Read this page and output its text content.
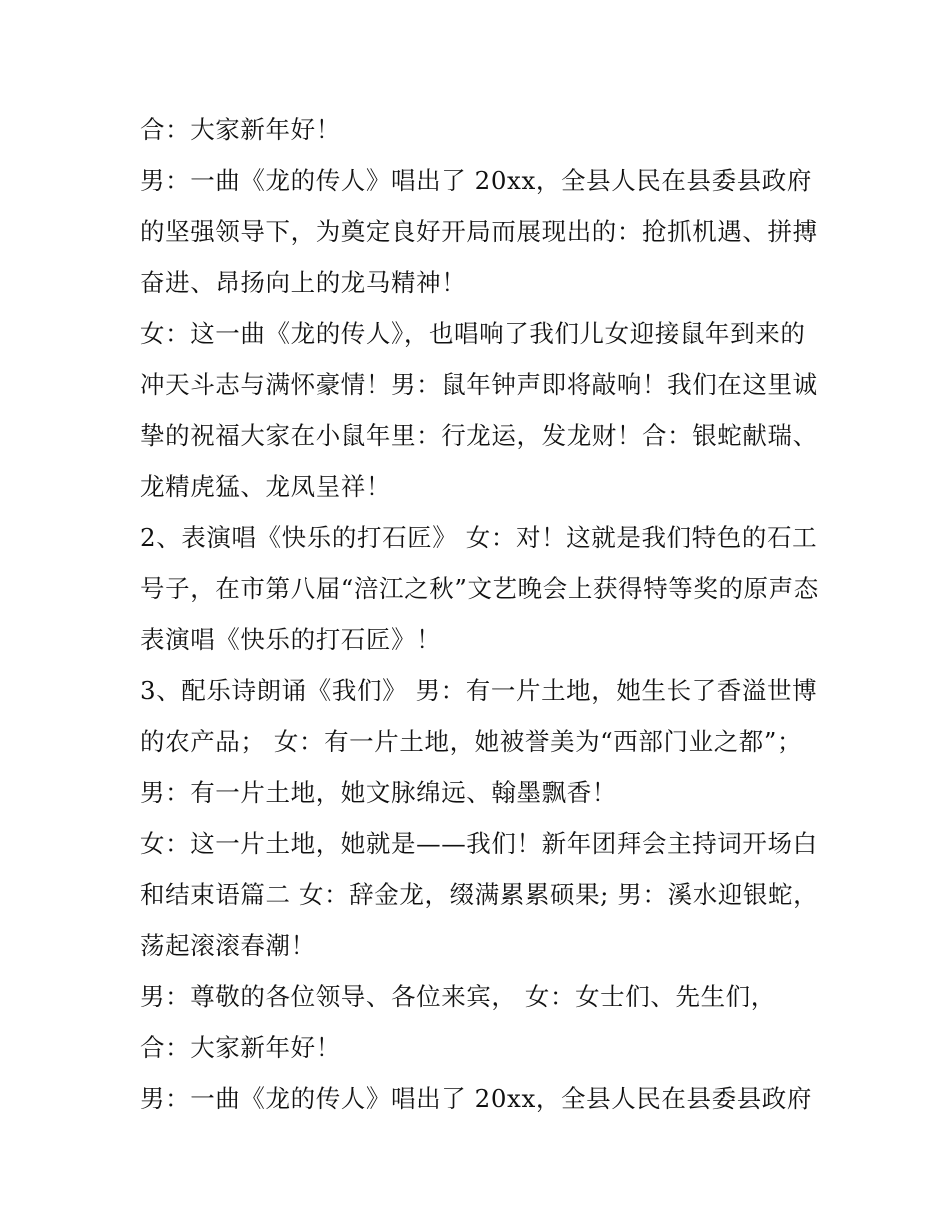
合：大家新年好！
男：一曲《龙的传人》唱出了 20xx，全县人民在县委县政府
的坚强领导下，为奠定良好开局而展现出的：抢抓机遇、拼搏
奋进、昂扬向上的龙马精神！
女：这一曲《龙的传人》，也唱响了我们儿女迎接鼠年到来的
冲天斗志与满怀豪情！男：鼠年钟声即将敲响！我们在这里诚
挚的祝福大家在小鼠年里：行龙运，发龙财！合：银蛇献瑞、
龙精虎猛、龙凤呈祥！
2、表演唱《快乐的打石匠》 女：对！这就是我们特色的石工
号子，在市第八届“涪江之秋”文艺晚会上获得特等奖的原声态
表演唱《快乐的打石匠》！
3、配乐诗朗诵《我们》 男：有一片土地，她生长了香溢世博
的农产品； 女：有一片土地，她被誉美为“西部门业之都”；
男：有一片土地，她文脉绵远、翰墨飘香！
女：这一片土地，她就是——我们！新年团拜会主持词开场白
和结束语篇二 女：辞金龙，缀满累累硕果; 男：溪水迎银蛇，
荡起滚滚春潮！
男：尊敬的各位领导、各位来宾， 女：女士们、先生们，
合：大家新年好！
男：一曲《龙的传人》唱出了 20xx，全县人民在县委县政府
